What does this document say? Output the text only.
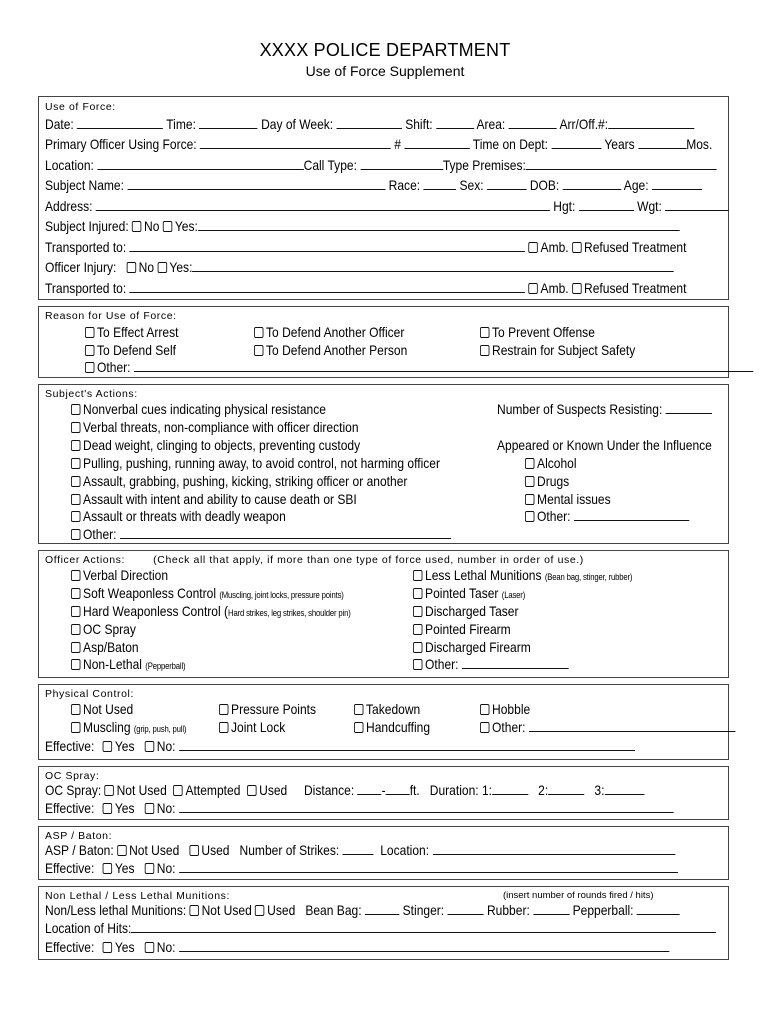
XXXX POLICE DEPARTMENT
Use of Force Supplement
Use of Force:
Date:	Time:	Day of Week:	Shift:	Area:	Arr/Off.#:
Primary Officer Using Force:	#	Time on Dept:	Years	Mos.
Location:	Call Type:	Type Premises:
Subject Name:	Race:	Sex:	DOB:	Age:
Address:	Hgt:	Wgt:
Subject Injured: No Yes:
Transported to:	Amb. Refused Treatment
Officer Injury: No Yes:
Transported to:	Amb. Refused Treatment
Reason for Use of Force:
To Effect Arrest	To Defend Another Officer	To Prevent Offense
To Defend Self	To Defend Another Person	Restrain for Subject Safety
Other:
Subject's Actions:
Nonverbal cues indicating physical resistance
Verbal threats, non-compliance with officer direction
Dead weight, clinging to objects, preventing custody
Pulling, pushing, running away, to avoid control, not harming officer
Assault, grabbing, pushing, kicking, striking officer or another
Assault with intent and ability to cause death or SBI
Assault or threats with deadly weapon
Other:
Number of Suspects Resisting:
Appeared or Known Under the Influence
Alcohol
Drugs
Mental issues
Other:
Officer Actions:	(Check all that apply, if more than one type of force used, number in order of use.)
Verbal Direction
Soft Weaponless Control (Muscling, joint locks, pressure points)
Hard Weaponless Control (Hard strikes, leg strikes, shoulder pin)
OC Spray
Asp/Baton
Non-Lethal (Pepperball)
Less Lethal Munitions (Bean bag, stinger, rubber)
Pointed Taser (Laser)
Discharged Taser
Pointed Firearm
Discharged Firearm
Other:
Physical Control:
Not Used	Pressure Points	Takedown	Hobble
Muscling (grip, push, pull)	Joint Lock	Handcuffing	Other:
Effective: Yes No:
OC Spray:
OC Spray: Not Used Attempted Used Distance: - ft. Duration: 1:	2:	3:
Effective: Yes No:
ASP / Baton:
ASP / Baton: Not Used Used Number of Strikes:	Location:
Effective: Yes No:
Non Lethal / Less Lethal Munitions:	(insert number of rounds fired / hits)
Non/Less lethal Munitions: Not Used Used Bean Bag:	Stinger:	Rubber:	Pepperball:
Location of Hits:
Effective: Yes No:
